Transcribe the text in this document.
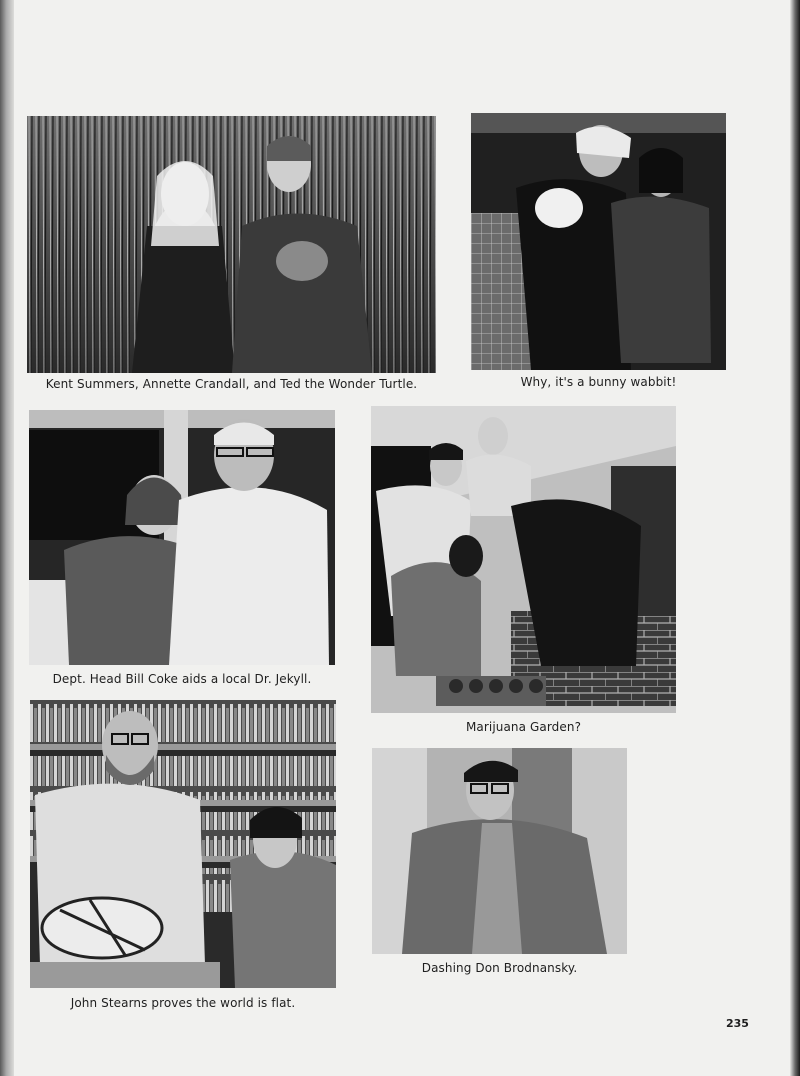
Kent Summers, Annette Crandall, and Ted the Wonder Turtle.	Why, it's a bunny wabbit!
Dept. Head Bill Coke aids a local Dr. Jekyll.
Marijuana Garden?
John Stearns proves the world is flat.
Dashing Don Brodnansky.
235
